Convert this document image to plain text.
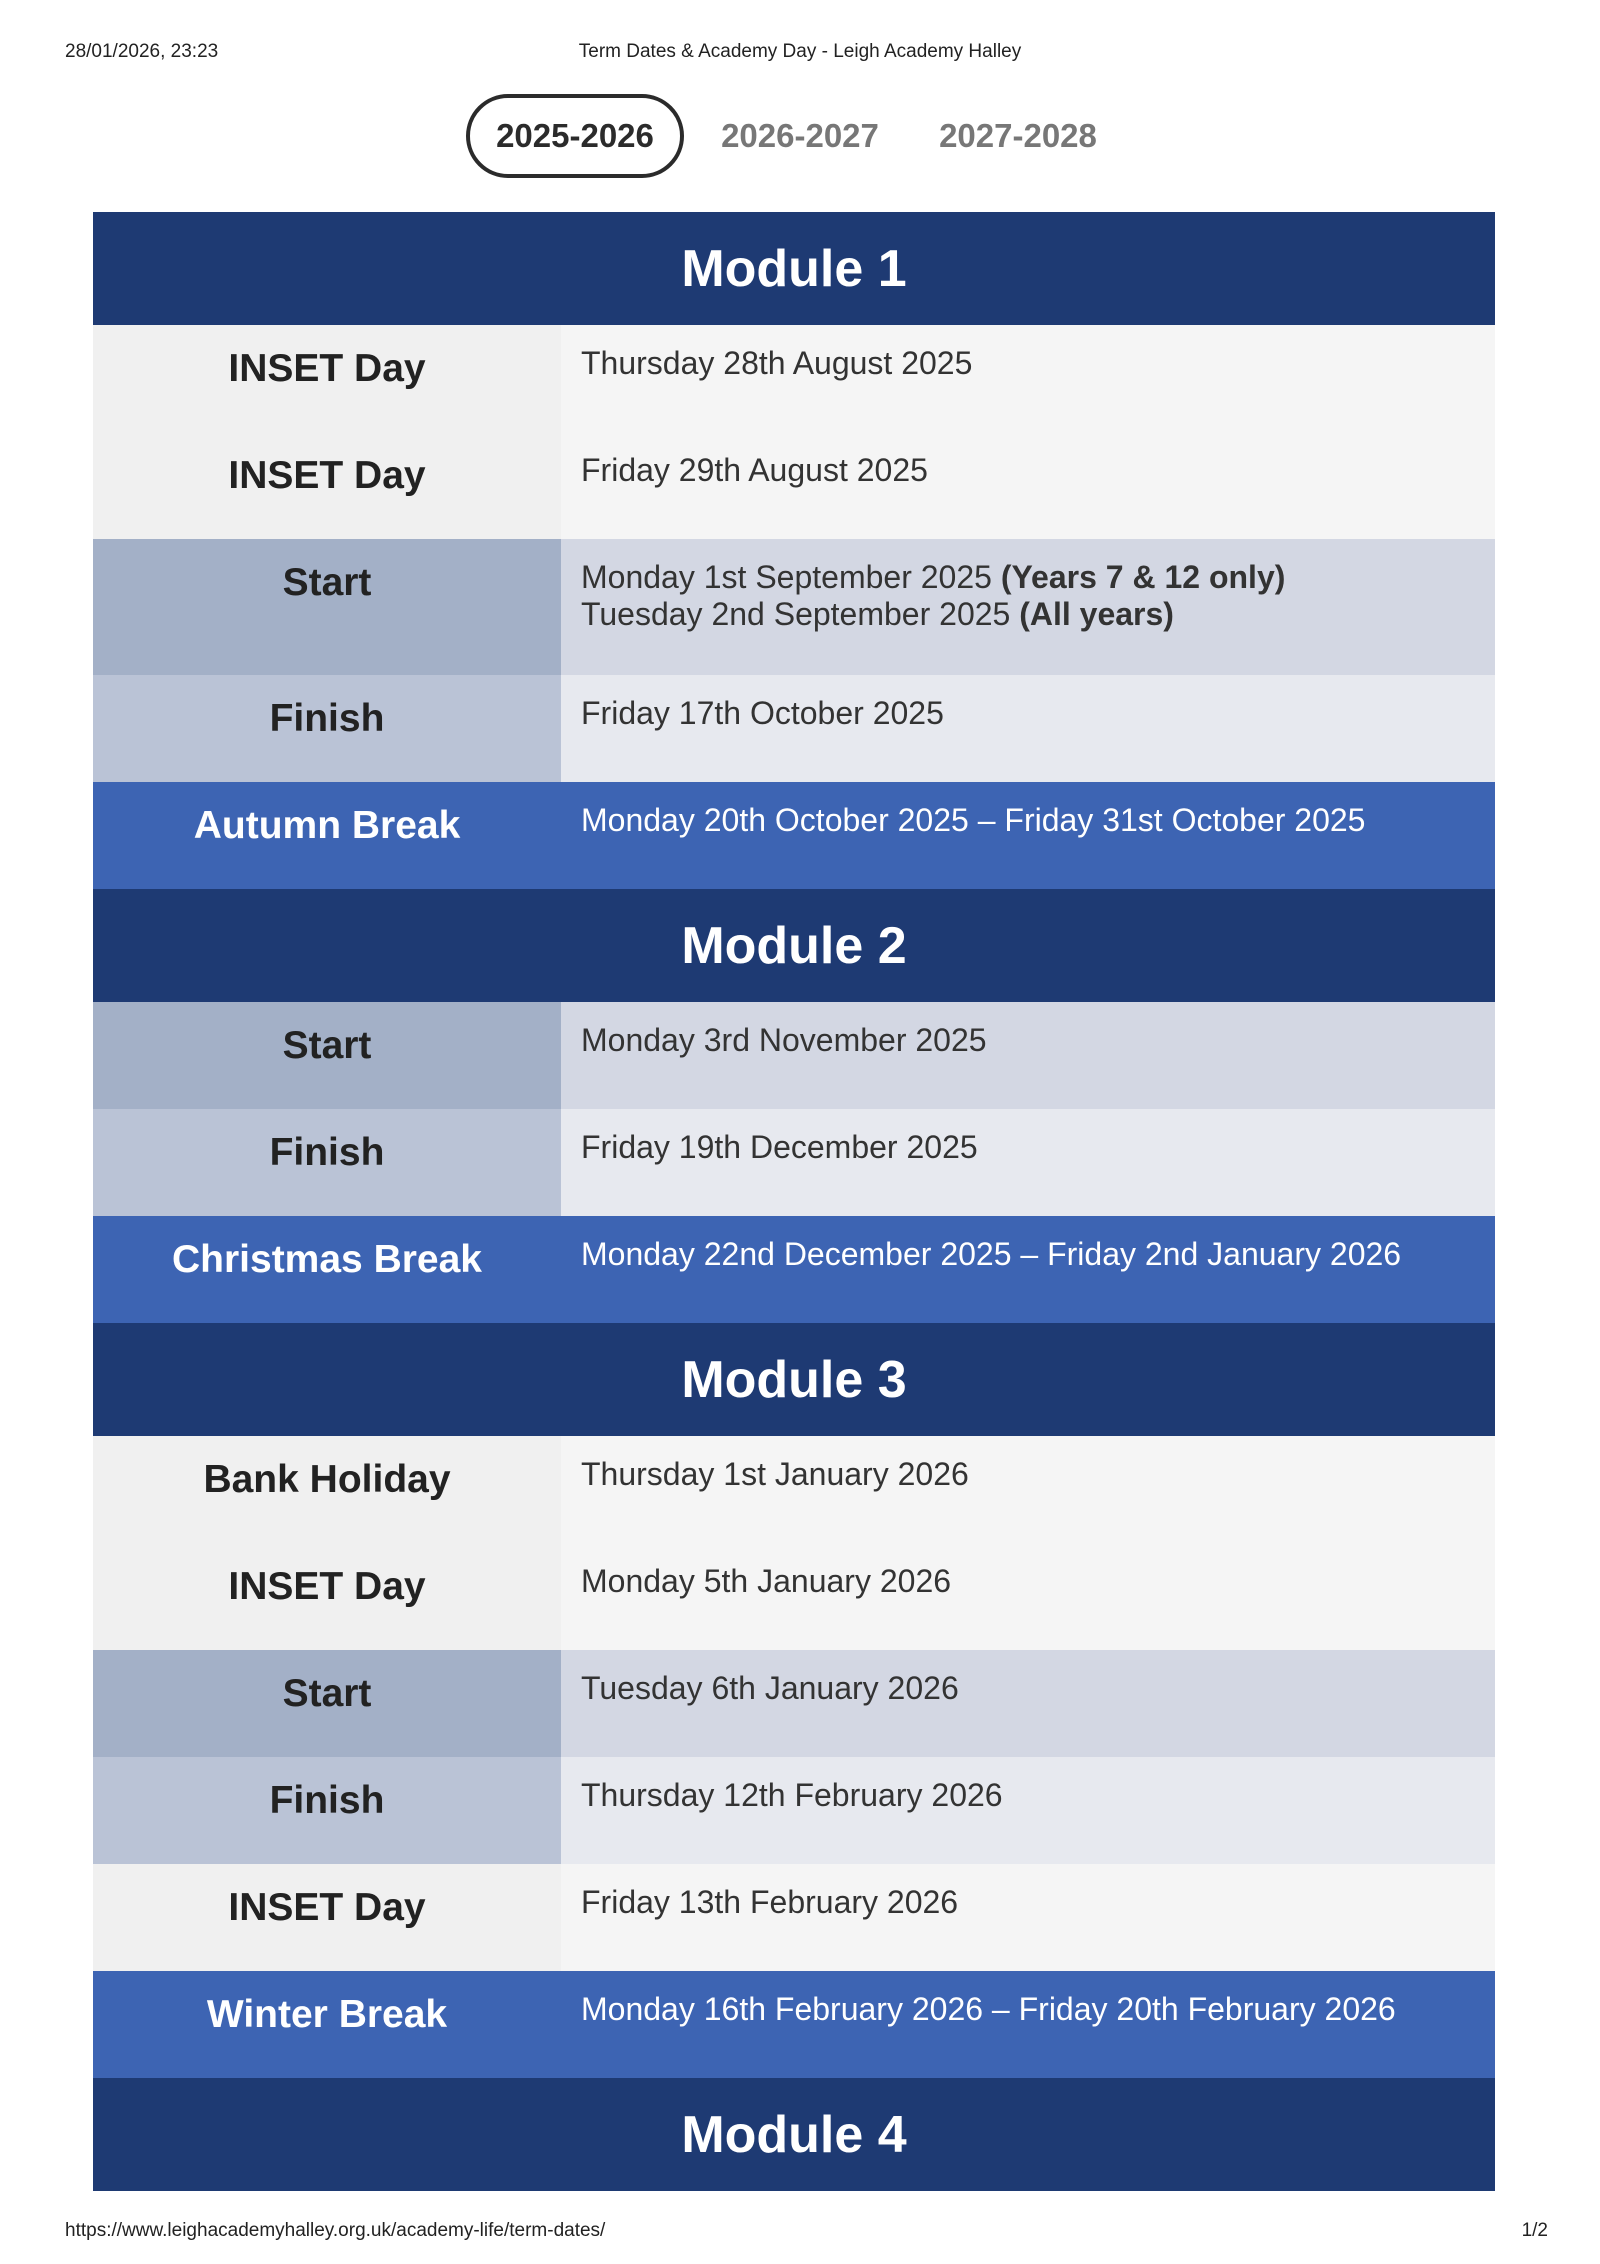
28/01/2026, 23:23	Term Dates & Academy Day - Leigh Academy Halley
2025-2026	2026-2027	2027-2028
Module 1
INSET Day	Thursday 28th August 2025
INSET Day	Friday 29th August 2025
Start	Monday 1st September 2025 (Years 7 & 12 only)
Tuesday 2nd September 2025 (All years)
Finish	Friday 17th October 2025
Autumn Break	Monday 20th October 2025 – Friday 31st October 2025
Module 2
Start	Monday 3rd November 2025
Finish	Friday 19th December 2025
Christmas Break	Monday 22nd December 2025 – Friday 2nd January 2026
Module 3
Bank Holiday	Thursday 1st January 2026
INSET Day	Monday 5th January 2026
Start	Tuesday 6th January 2026
Finish	Thursday 12th February 2026
INSET Day	Friday 13th February 2026
Winter Break	Monday 16th February 2026 – Friday 20th February 2026
Module 4
https://www.leighacademyhalley.org.uk/academy-life/term-dates/	1/2
